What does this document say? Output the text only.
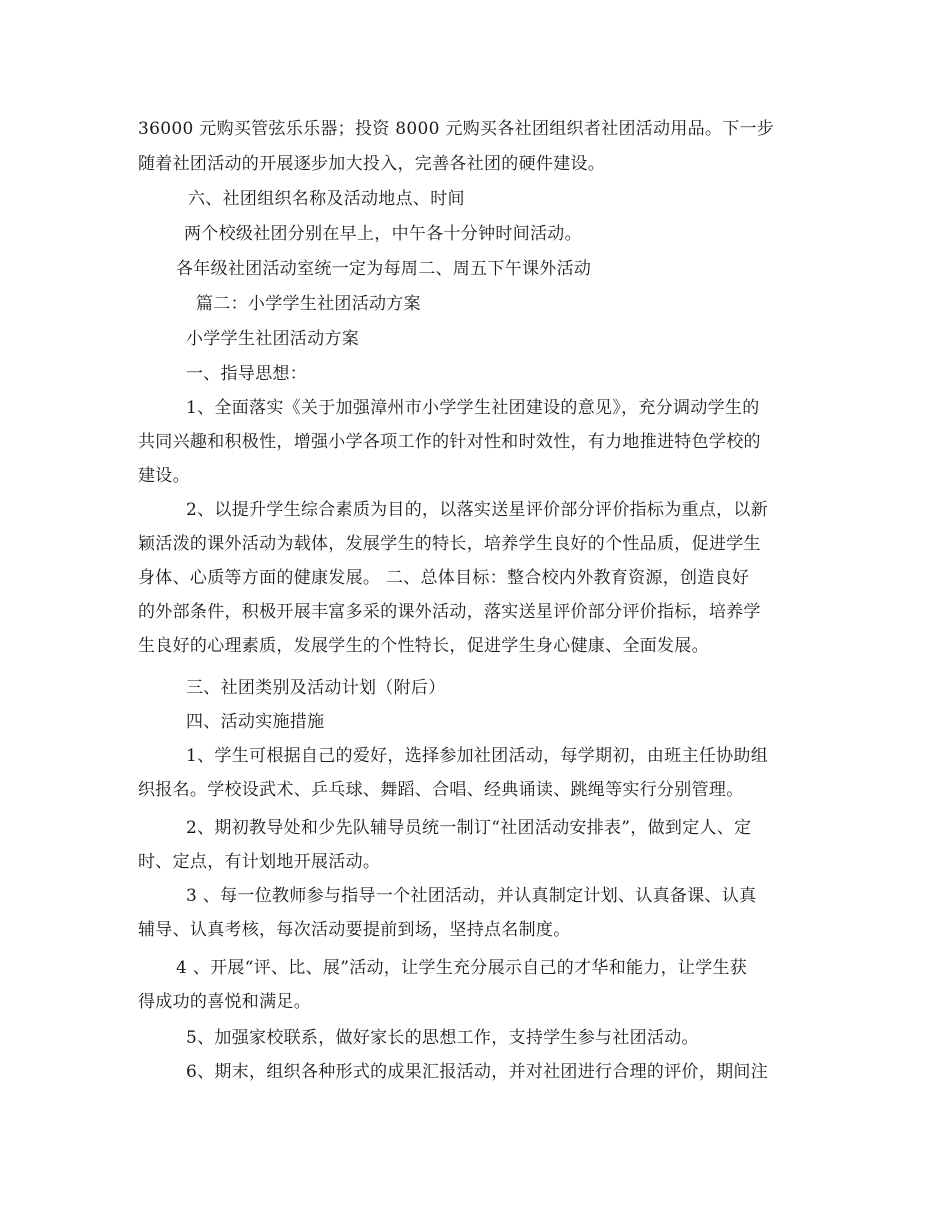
36000 元购买管弦乐乐器；投资 8000 元购买各社团组织者社团活动用品。下一步
随着社团活动的开展逐步加大投入，完善各社团的硬件建设。
六、社团组织名称及活动地点、时间
两个校级社团分别在早上，中午各十分钟时间活动。
各年级社团活动室统一定为每周二、周五下午课外活动
篇二：小学学生社团活动方案
小学学生社团活动方案
一、指导思想：
1、全面落实《关于加强漳州市小学学生社团建设的意见》，充分调动学生的
共同兴趣和积极性，增强小学各项工作的针对性和时效性，有力地推进特色学校的
建设。
2、以提升学生综合素质为目的，以落实送星评价部分评价指标为重点，以新
颖活泼的课外活动为载体，发展学生的特长，培养学生良好的个性品质，促进学生
身体、心质等方面的健康发展。 二、总体目标：整合校内外教育资源，创造良好
的外部条件，积极开展丰富多采的课外活动，落实送星评价部分评价指标，培养学
生良好的心理素质，发展学生的个性特长，促进学生身心健康、全面发展。
三、社团类别及活动计划（附后）
四、活动实施措施
1、学生可根据自己的爱好，选择参加社团活动，每学期初，由班主任协助组
织报名。学校设武术、乒乓球、舞蹈、合唱、经典诵读、跳绳等实行分别管理。
2、期初教导处和少先队辅导员统一制订“社团活动安排表”，做到定人、定
时、定点，有计划地开展活动。
3 、每一位教师参与指导一个社团活动，并认真制定计划、认真备课、认真
辅导、认真考核，每次活动要提前到场，坚持点名制度。
4 、开展“评、比、展”活动，让学生充分展示自己的才华和能力，让学生获
得成功的喜悦和满足。
5、加强家校联系，做好家长的思想工作，支持学生参与社团活动。
6、期末，组织各种形式的成果汇报活动，并对社团进行合理的评价，期间注
